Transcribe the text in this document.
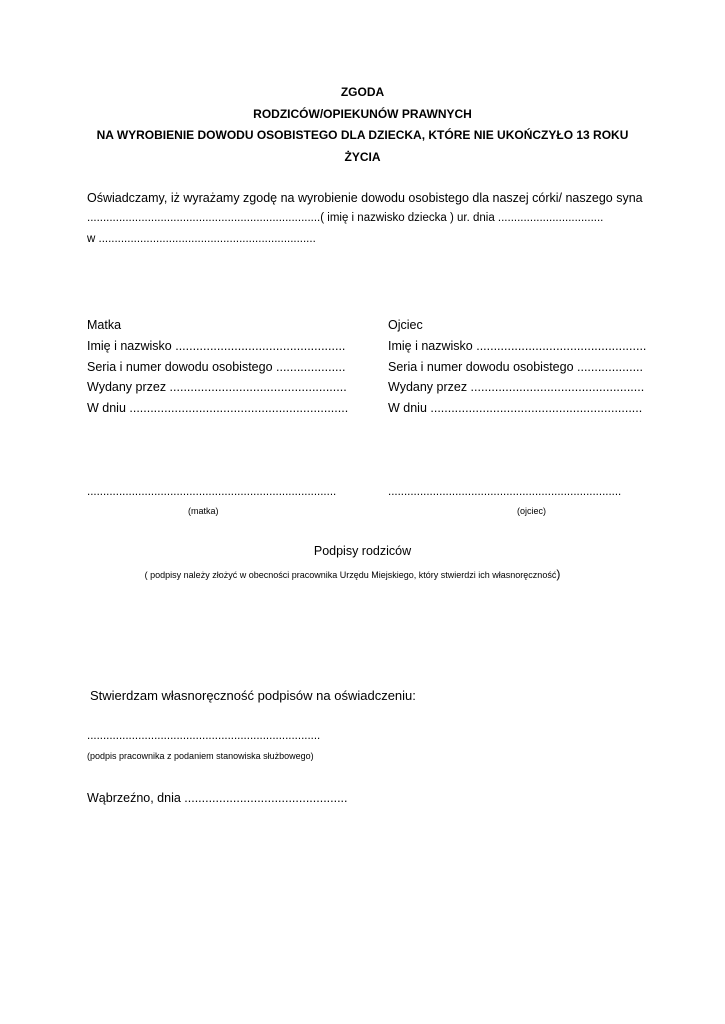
ZGODA
RODZICÓW/OPIEKUNÓW PRAWNYCH
NA WYROBIENIE DOWODU OSOBISTEGO DLA DZIECKA, KTÓRE NIE UKOŃCZYŁO 13 ROKU
ŻYCIA
Oświadczamy, iż wyrażamy zgodę na wyrobienie dowodu osobistego dla naszej córki/ naszego syna
.........................................................................( imię i nazwisko dziecka ) ur. dnia .................................
w ....................................................................
Matka
Imię i nazwisko .................................................
Seria i numer dowodu osobistego ....................
Wydany przez ...................................................
W dniu ...............................................................
Ojciec
Imię i nazwisko .................................................
Seria i numer dowodu osobistego ...................
Wydany przez ..................................................
W dniu .............................................................
..............................................................................	.........................................................................
(matka)	(ojciec)
Podpisy rodziców
( podpisy należy złożyć w obecności pracownika Urzędu Miejskiego, który stwierdzi ich własnoręczność)
Stwierdzam własnoręczność podpisów na oświadczeniu:
.........................................................................
(podpis pracownika z podaniem stanowiska służbowego)
Wąbrzeźno, dnia ...............................................
